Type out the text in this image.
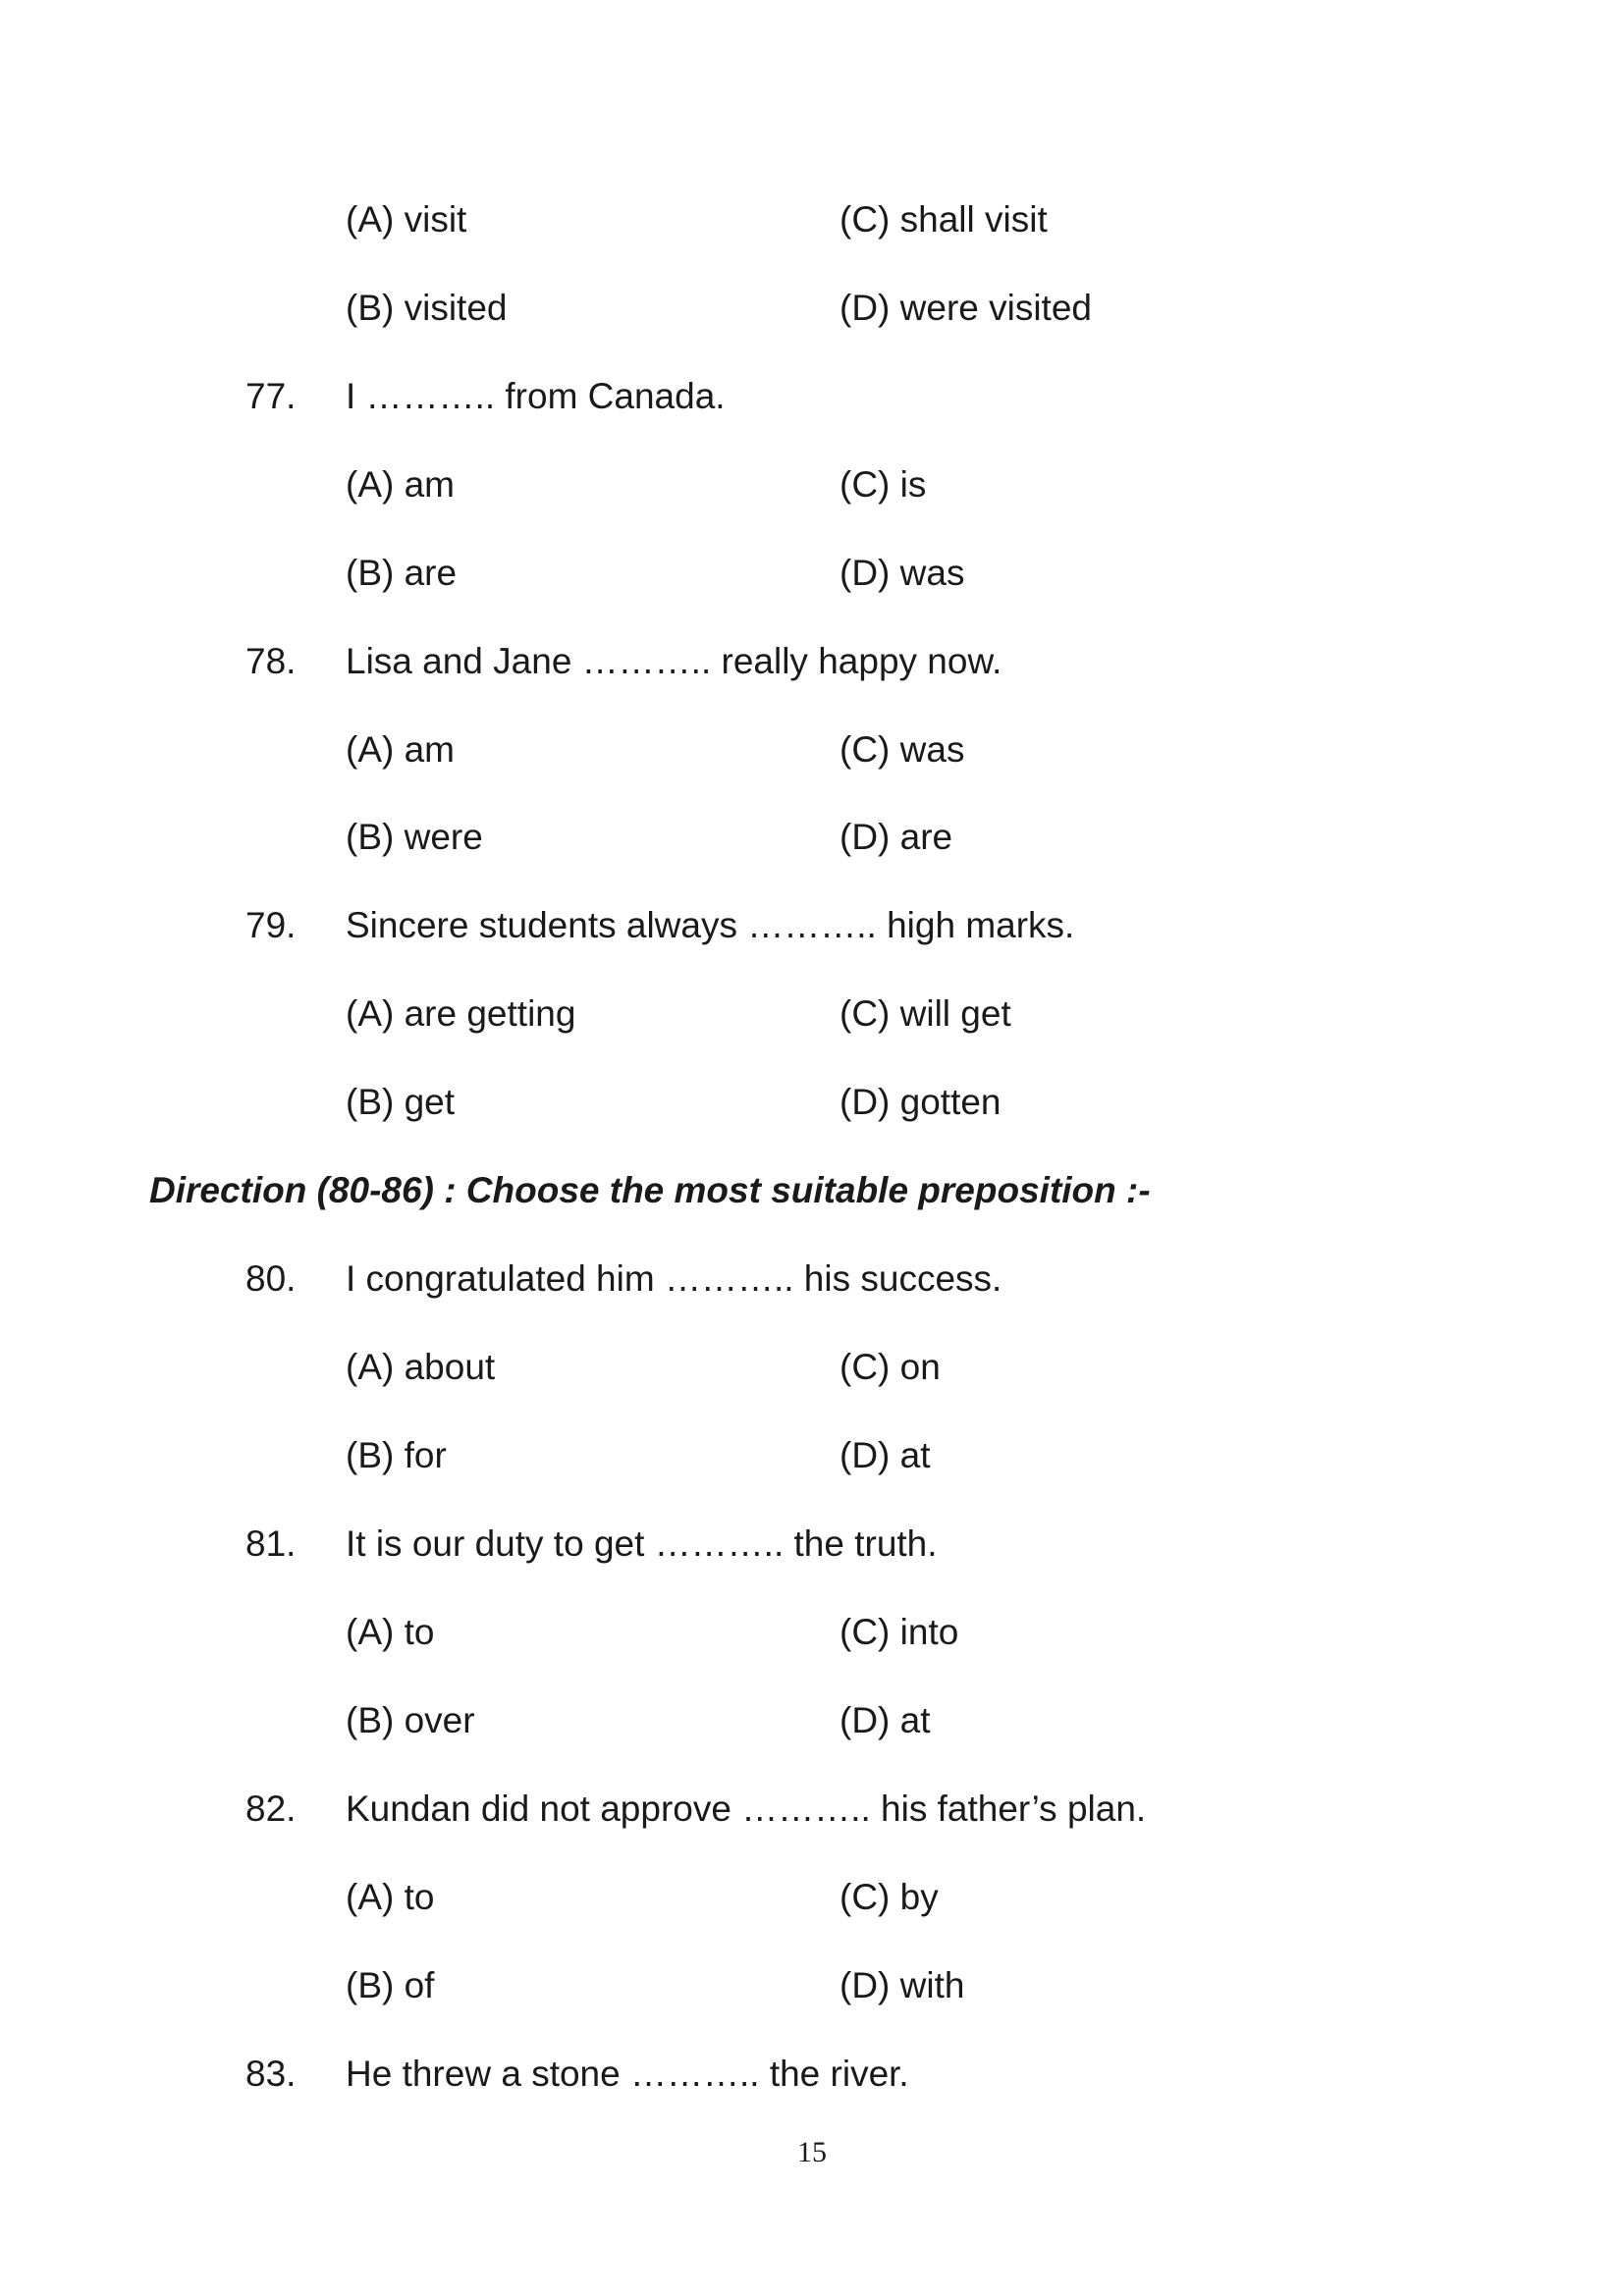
(A) visit	(C) shall visit
(B) visited	(D) were visited
77. I ……….. from Canada.
(A) am	(C) is
(B) are	(D) was
78. Lisa and Jane ……….. really happy now.
(A) am	(C) was
(B) were	(D) are
79. Sincere students always ……….. high marks.
(A) are getting	(C) will get
(B) get	(D) gotten
Direction (80-86) : Choose the most suitable preposition :-
80. I congratulated him ……….. his success.
(A) about	(C) on
(B) for	(D) at
81. It is our duty to get ……….. the truth.
(A) to	(C) into
(B) over	(D) at
82. Kundan did not approve ……….. his father’s plan.
(A) to	(C) by
(B) of	(D) with
83. He threw a stone ……….. the river.
15
